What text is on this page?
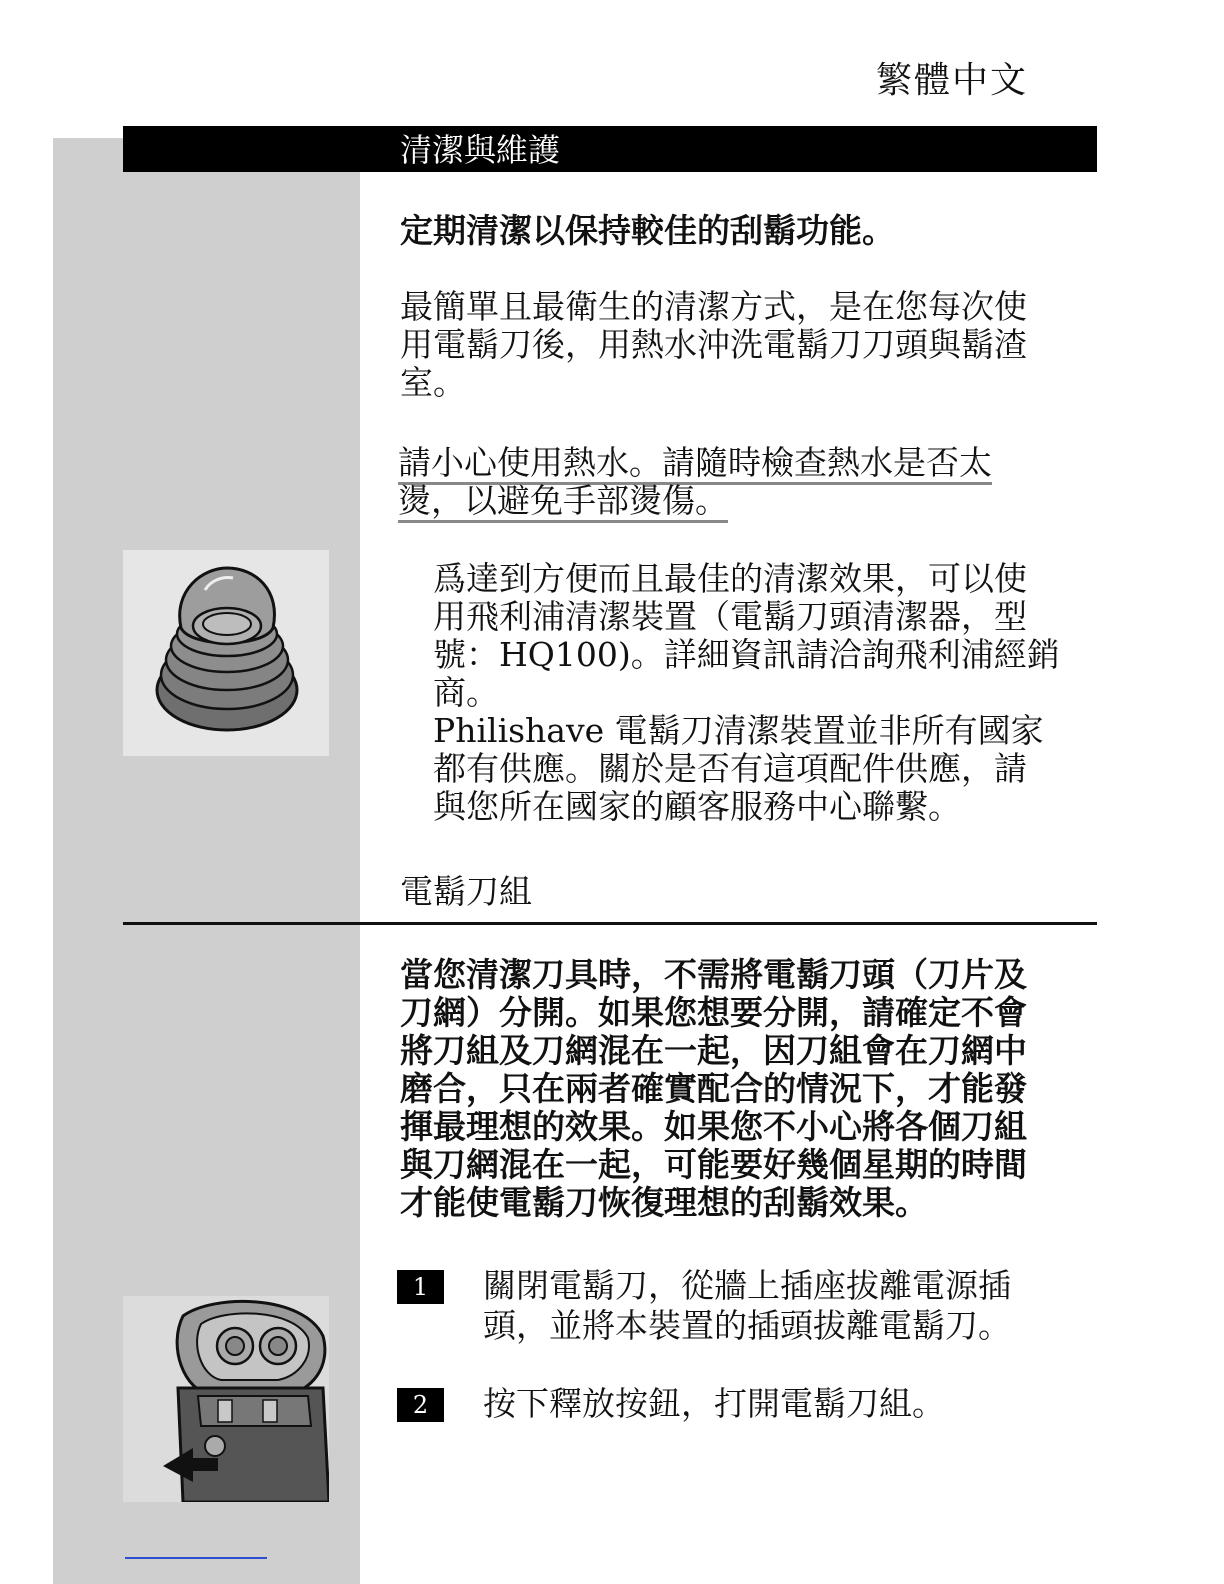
繁體中文
清潔與維護
定期清潔以保持較佳的刮鬍功能。
最簡單且最衛生的清潔方式，是在您每次使
用電鬍刀後，用熱水沖洗電鬍刀刀頭與鬍渣
室。
請小心使用熱水。請隨時檢查熱水是否太
燙，以避免手部燙傷。
爲達到方便而且最佳的清潔效果，可以使
用飛利浦清潔裝置（電鬍刀頭清潔器，型
號：HQ100)。詳細資訊請洽詢飛利浦經銷
商。
Philishave 電鬍刀清潔裝置並非所有國家
都有供應。關於是否有這項配件供應，請
與您所在國家的顧客服務中心聯繫。
電鬍刀組
當您清潔刀具時，不需將電鬍刀頭（刀片及
刀網）分開。如果您想要分開，請確定不會
將刀組及刀網混在一起，因刀組會在刀網中
磨合，只在兩者確實配合的情況下，才能發
揮最理想的效果。如果您不小心將各個刀組
與刀網混在一起，可能要好幾個星期的時間
才能使電鬍刀恢復理想的刮鬍效果。
1	關閉電鬍刀，從牆上插座拔離電源插
頭，並將本裝置的插頭拔離電鬍刀。
2	按下釋放按鈕，打開電鬍刀組。
